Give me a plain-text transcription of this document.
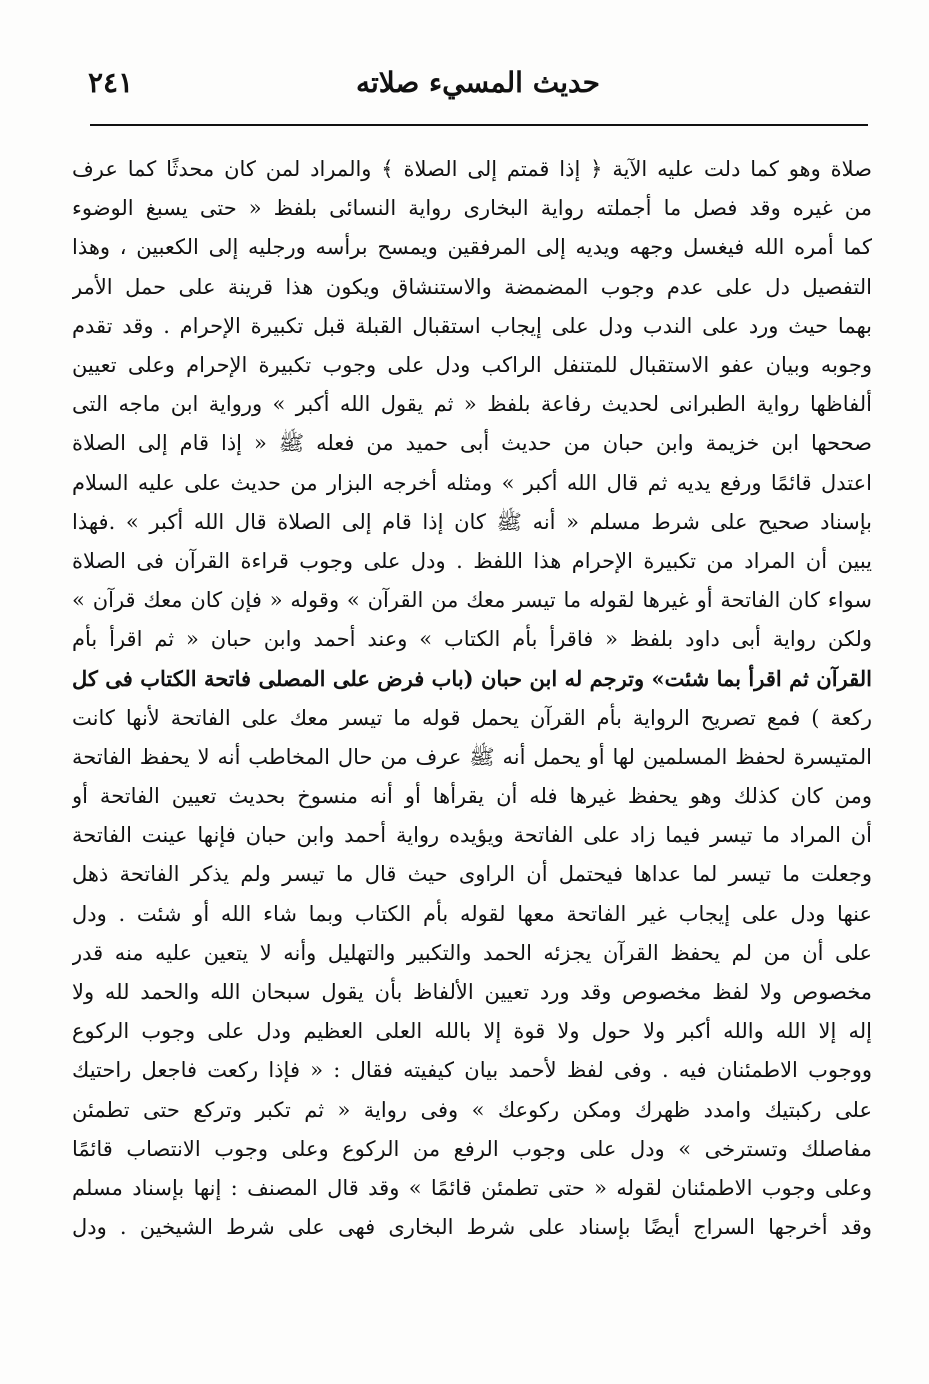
حديث المسيء صلاته
٢٤١
صلاة وهو كما دلت عليه الآية ﴿ إذا قمتم إلى الصلاة ﴾ والمراد لمن كان محدثًا كما عرف
من غيره وقد فصل ما أجملته رواية البخارى رواية النسائى بلفظ « حتى يسبغ الوضوء
كما أمره الله فيغسل وجهه ويديه إلى المرفقين ويمسح برأسه ورجليه إلى الكعبين ، وهذا
التفصيل دل على عدم وجوب المضمضة والاستنشاق ويكون هذا قرينة على حمل الأمر
بهما حيث ورد على الندب ودل على إيجاب استقبال القبلة قبل تكبيرة الإحرام . وقد تقدم
وجوبه وبيان عفو الاستقبال للمتنفل الراكب ودل على وجوب تكبيرة الإحرام وعلى تعيين
ألفاظها رواية الطبرانى لحديث رفاعة بلفظ « ثم يقول الله أكبر » ورواية ابن ماجه التى
صححها ابن خزيمة وابن حبان من حديث أبى حميد من فعله ﷺ « إذا قام إلى الصلاة
اعتدل قائمًا ورفع يديه ثم قال الله أكبر » ومثله أخرجه البزار من حديث على عليه السلام
بإسناد صحيح على شرط مسلم « أنه ﷺ كان إذا قام إلى الصلاة قال الله أكبر » .فهذا
يبين أن المراد من تكبيرة الإحرام هذا اللفظ . ودل على وجوب قراءة القرآن فى الصلاة
سواء كان الفاتحة أو غيرها لقوله ما تيسر معك من القرآن » وقوله « فإن كان معك قرآن »
ولكن رواية أبى داود بلفظ « فاقرأ بأم الكتاب » وعند أحمد وابن حبان « ثم اقرأ بأم
القرآن ثم اقرأ بما شئت» وترجم له ابن حبان (باب فرض على المصلى فاتحة الكتاب فى كل
ركعة ) فمع تصريح الرواية بأم القرآن يحمل قوله ما تيسر معك على الفاتحة لأنها كانت
المتيسرة لحفظ المسلمين لها أو يحمل أنه ﷺ عرف من حال المخاطب أنه لا يحفظ الفاتحة
ومن كان كذلك وهو يحفظ غيرها فله أن يقرأها أو أنه منسوخ بحديث تعيين الفاتحة أو
أن المراد ما تيسر فيما زاد على الفاتحة ويؤيده رواية أحمد وابن حبان فإنها عينت الفاتحة
وجعلت ما تيسر لما عداها فيحتمل أن الراوى حيث قال ما تيسر ولم يذكر الفاتحة ذهل
عنها ودل على إيجاب غير الفاتحة معها لقوله بأم الكتاب وبما شاء الله أو شئت . ودل
على أن من لم يحفظ القرآن يجزئه الحمد والتكبير والتهليل وأنه لا يتعين عليه منه قدر
مخصوص ولا لفظ مخصوص وقد ورد تعيين الألفاظ بأن يقول سبحان الله والحمد لله ولا
إله إلا الله والله أكبر ولا حول ولا قوة إلا بالله العلى العظيم ودل على وجوب الركوع
ووجوب الاطمئنان فيه . وفى لفظ لأحمد بيان كيفيته فقال : « فإذا ركعت فاجعل راحتيك
على ركبتيك وامدد ظهرك ومكن ركوعك » وفى رواية « ثم تكبر وتركع حتى تطمئن
مفاصلك وتسترخى » ودل على وجوب الرفع من الركوع وعلى وجوب الانتصاب قائمًا
وعلى وجوب الاطمئنان لقوله « حتى تطمئن قائمًا » وقد قال المصنف : إنها بإسناد مسلم
وقد أخرجها السراج أيضًا بإسناد على شرط البخارى فهى على شرط الشيخين . ودل
